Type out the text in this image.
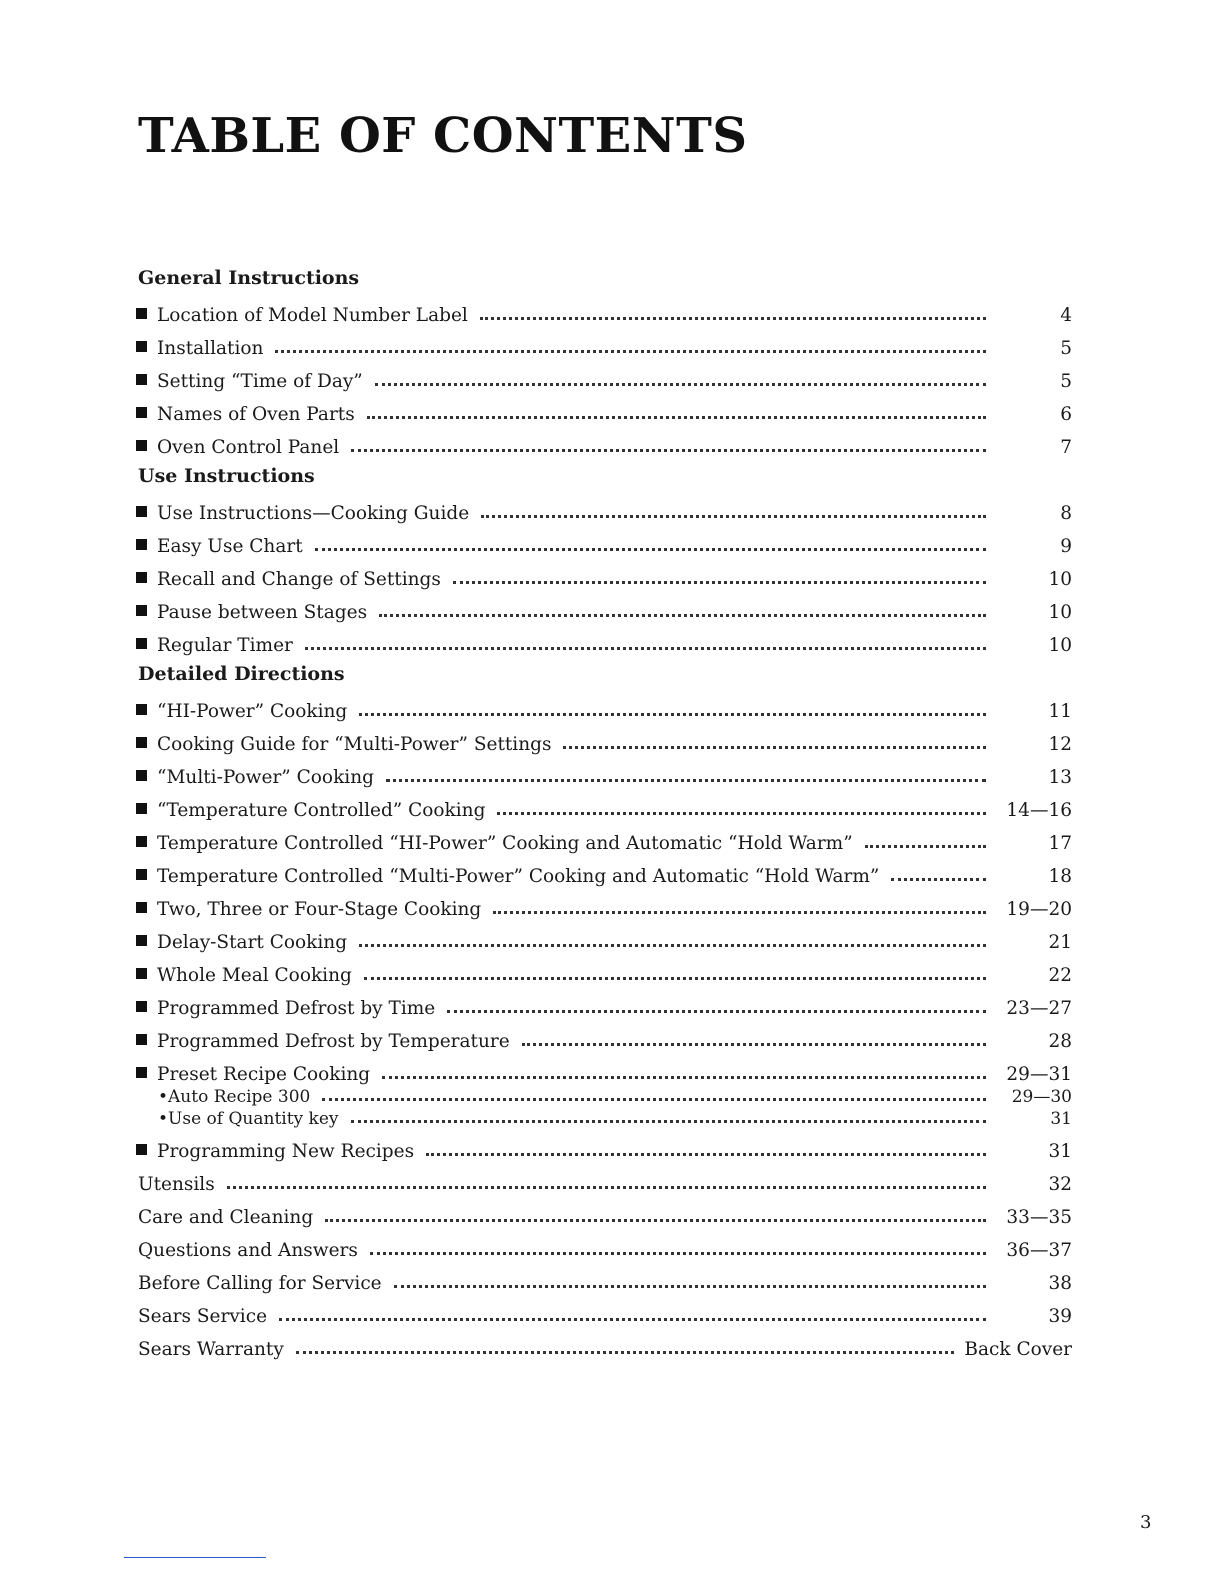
TABLE OF CONTENTS
General Instructions
Location of Model Number Label	4
Installation	5
Setting “Time of Day”	5
Names of Oven Parts	6
Oven Control Panel	7
Use Instructions
Use Instructions—Cooking Guide	8
Easy Use Chart	9
Recall and Change of Settings	10
Pause between Stages	10
Regular Timer	10
Detailed Directions
“HI-Power” Cooking	11
Cooking Guide for “Multi-Power” Settings	12
“Multi-Power” Cooking	13
“Temperature Controlled” Cooking	14—16
Temperature Controlled “HI-Power” Cooking and Automatic “Hold Warm”	17
Temperature Controlled “Multi-Power” Cooking and Automatic “Hold Warm”	18
Two, Three or Four-Stage Cooking	19—20
Delay-Start Cooking	21
Whole Meal Cooking	22
Programmed Defrost by Time	23—27
Programmed Defrost by Temperature	28
Preset Recipe Cooking	29—31
•Auto Recipe 300	29—30
•Use of Quantity key	31
Programming New Recipes	31
Utensils	32
Care and Cleaning	33—35
Questions and Answers	36—37
Before Calling for Service	38
Sears Service	39
Sears Warranty	Back Cover
3
